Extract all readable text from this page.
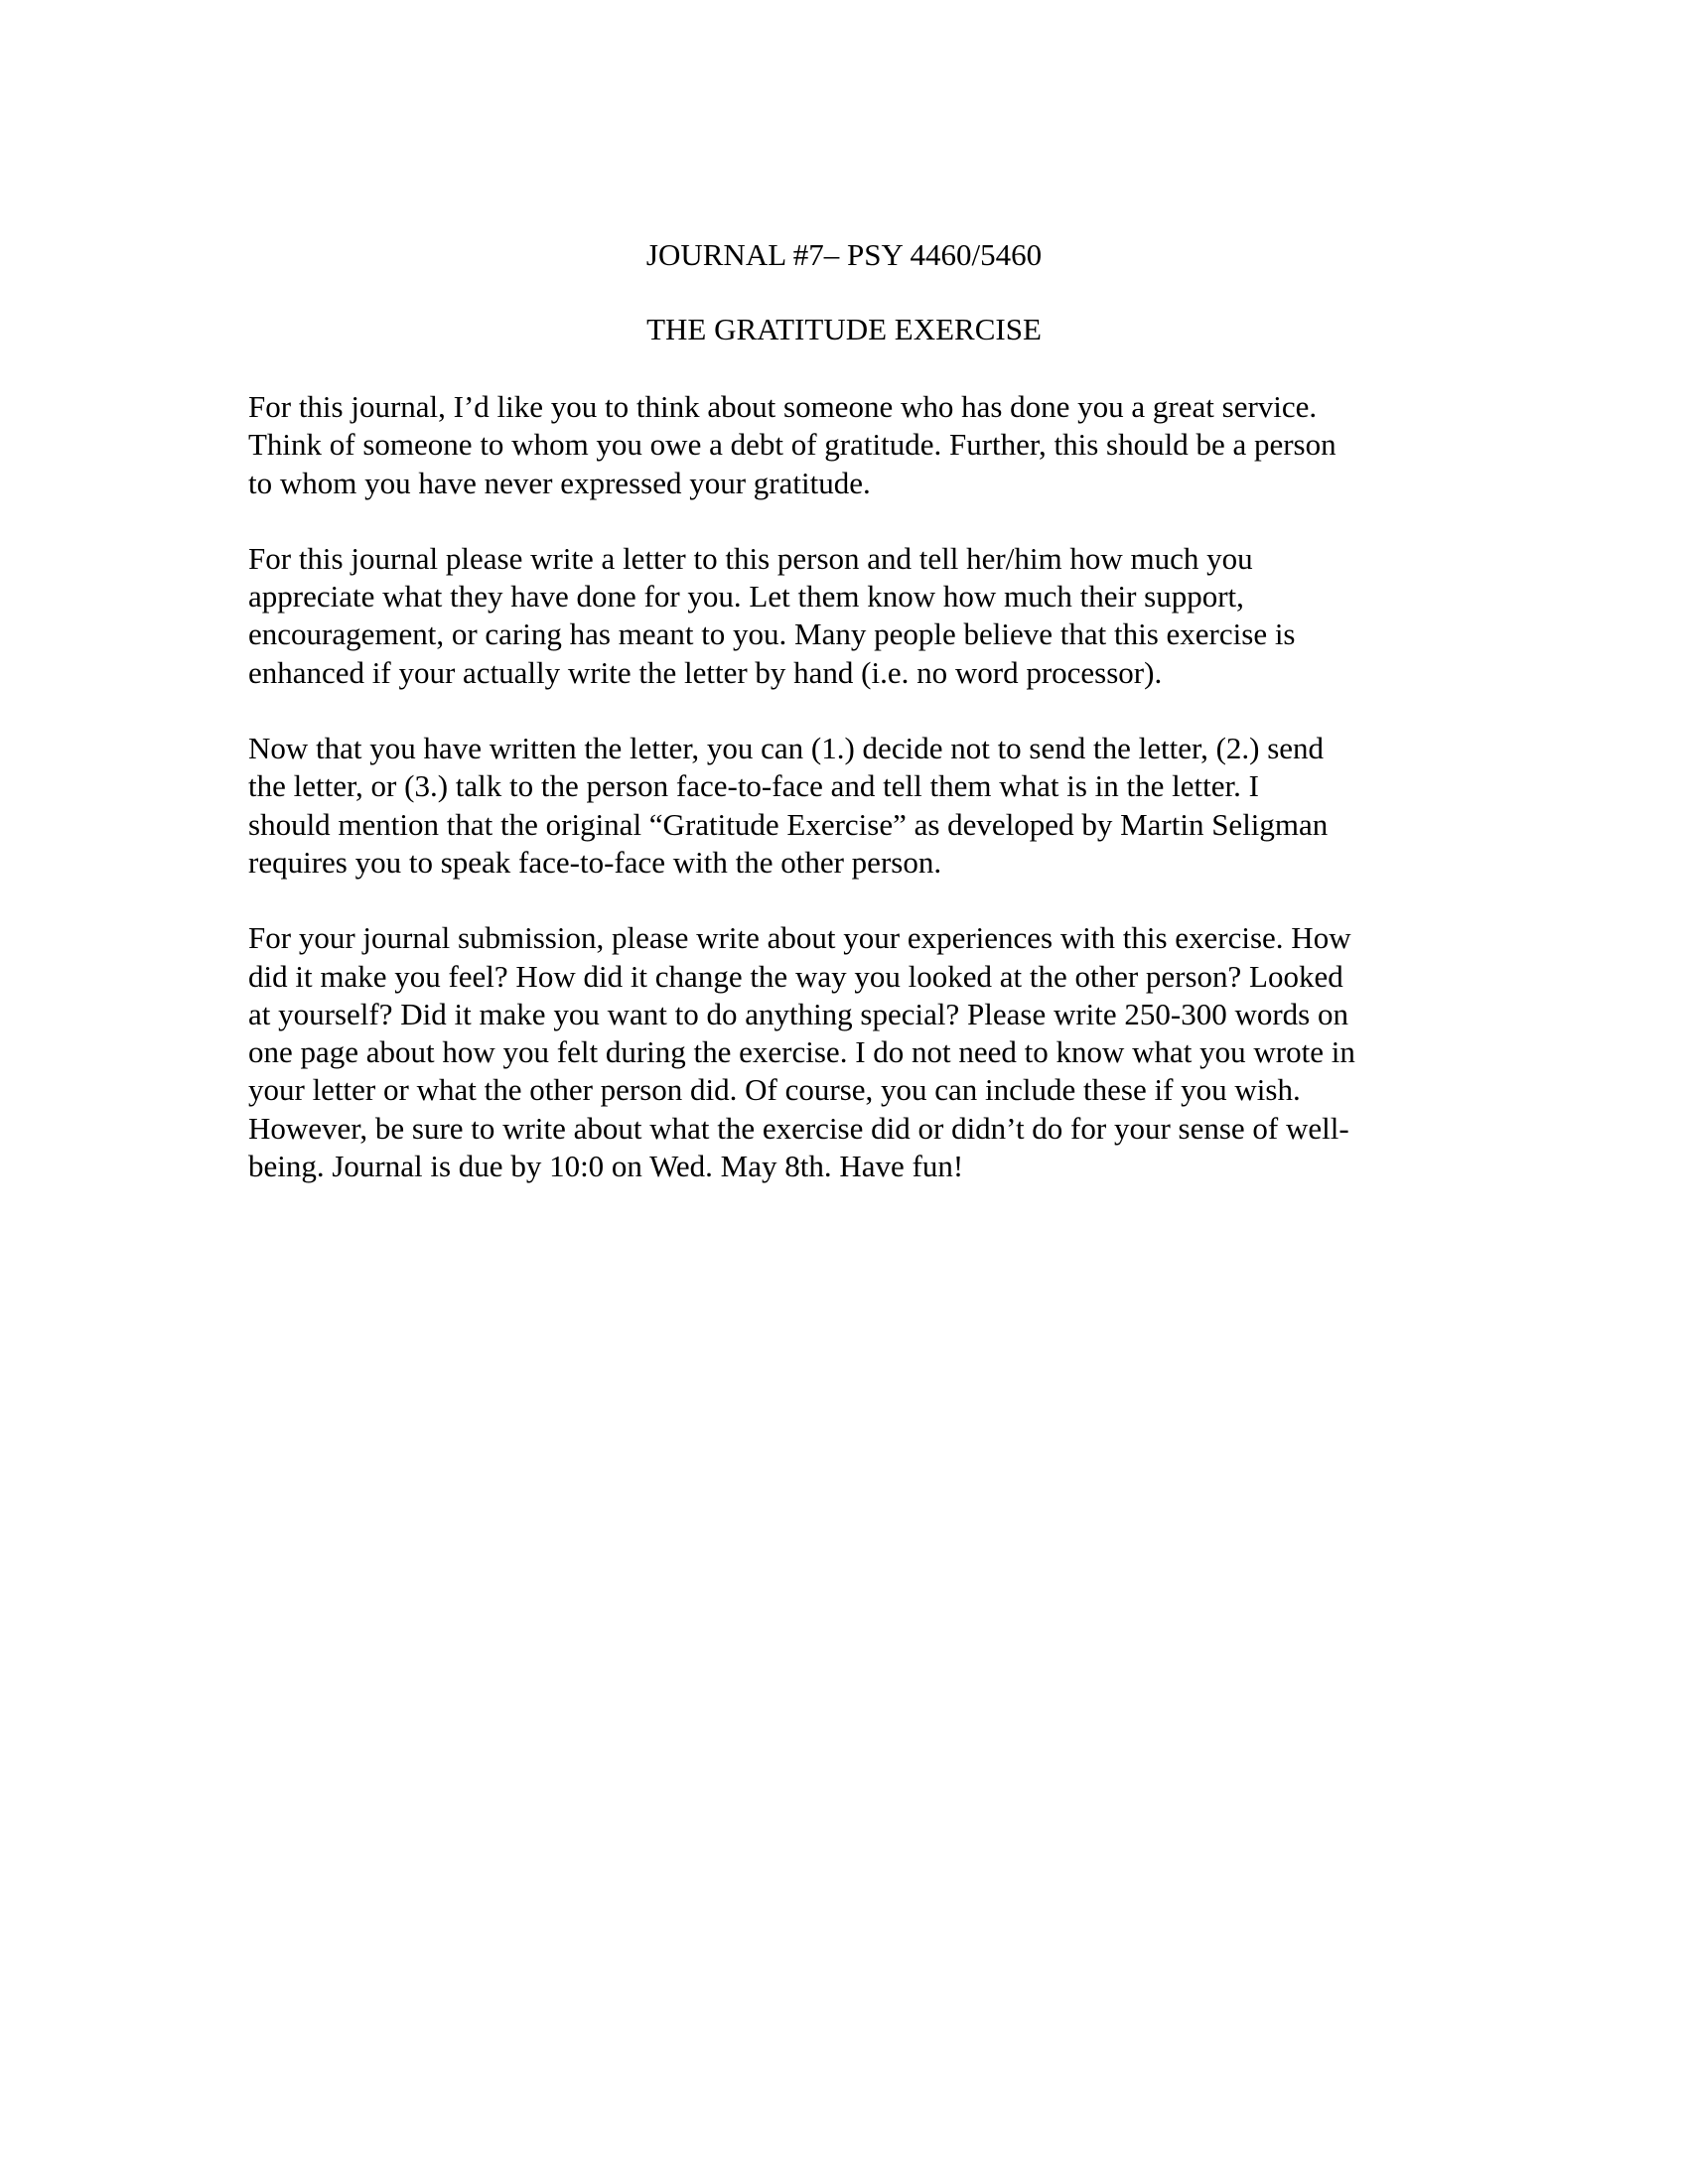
JOURNAL #7– PSY 4460/5460
THE GRATITUDE EXERCISE

For this journal, I’d like you to think about someone who has done you a great service.
Think of someone to whom you owe a debt of gratitude. Further, this should be a person
to whom you have never expressed your gratitude.

For this journal please write a letter to this person and tell her/him how much you
appreciate what they have done for you. Let them know how much their support,
encouragement, or caring has meant to you. Many people believe that this exercise is
enhanced if your actually write the letter by hand (i.e. no word processor).

Now that you have written the letter, you can (1.) decide not to send the letter, (2.) send
the letter, or (3.) talk to the person face-to-face and tell them what is in the letter. I
should mention that the original “Gratitude Exercise” as developed by Martin Seligman
requires you to speak face-to-face with the other person.

For your journal submission, please write about your experiences with this exercise. How
did it make you feel? How did it change the way you looked at the other person? Looked
at yourself? Did it make you want to do anything special? Please write 250-300 words on
one page about how you felt during the exercise. I do not need to know what you wrote in
your letter or what the other person did. Of course, you can include these if you wish.
However, be sure to write about what the exercise did or didn’t do for your sense of well-
being. Journal is due by 10:0 on Wed. May 8th. Have fun!
